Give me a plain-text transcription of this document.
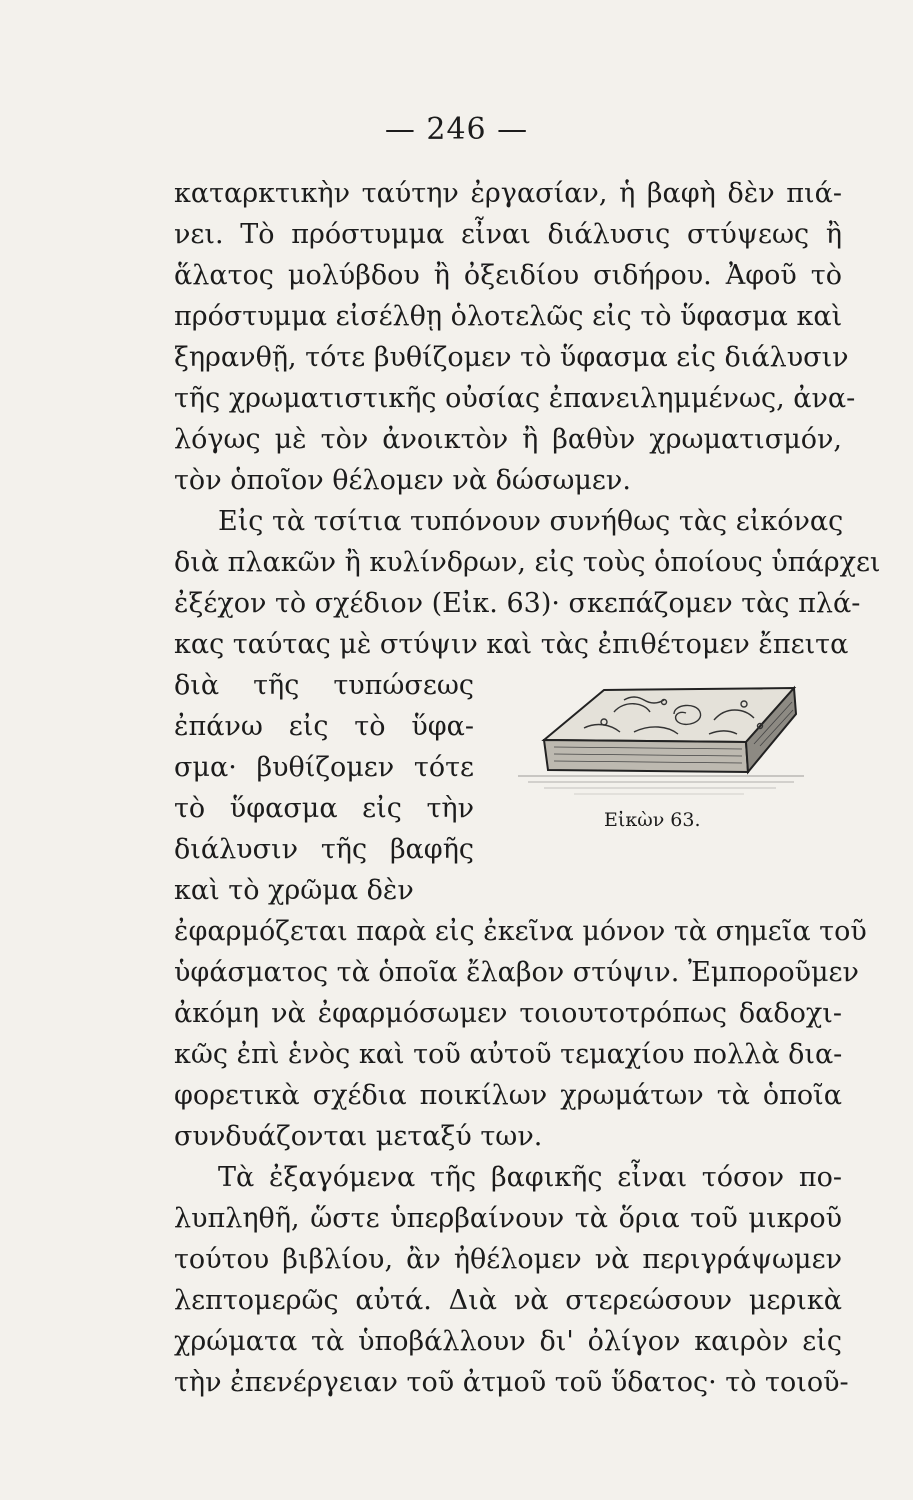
— 246 —
καταρκτικὴν ταύτην ἐργασίαν, ἡ βαφὴ δὲν πιά-
νει. Τὸ πρόστυμμα εἶναι διάλυσις στύψεως ἢ
ἅλατος μολύβδου ἢ ὀξειδίου σιδήρου. Ἀφοῦ τὸ
πρόστυμμα εἰσέλθῃ ὁλοτελῶς εἰς τὸ ὕφασμα καὶ
ξηρανθῇ, τότε βυθίζομεν τὸ ὕφασμα εἰς διάλυσιν
τῆς χρωματιστικῆς οὐσίας ἐπανειλημμένως, ἀνα-
λόγως μὲ τὸν ἀνοικτὸν ἢ βαθὺν χρωματισμόν,
τὸν ὁποῖον θέλομεν νὰ δώσωμεν.
Εἰς τὰ τσίτια τυπόνουν συνήθως τὰς εἰκόνας
διὰ πλακῶν ἢ κυλίνδρων, εἰς τοὺς ὁποίους ὑπάρχει
ἐξέχον τὸ σχέδιον (Εἰκ. 63)· σκεπάζομεν τὰς πλά-
κας ταύτας μὲ στύψιν καὶ τὰς ἐπιθέτομεν ἔπειτα
διὰ τῆς τυπώσεως
ἐπάνω εἰς τὸ ὕφα-
σμα· βυθίζομεν τότε
τὸ ὕφασμα εἰς τὴν
διάλυσιν τῆς βαφῆς
καὶ τὸ χρῶμα δὲν
ἐφαρμόζεται παρὰ εἰς ἐκεῖνα μόνον τὰ σημεῖα τοῦ
ὑφάσματος τὰ ὁποῖα ἔλαβον στύψιν. Ἐμποροῦμεν
ἀκόμη νὰ ἐφαρμόσωμεν τοιουτοτρόπως δαδοχι-
κῶς ἐπὶ ἑνὸς καὶ τοῦ αὐτοῦ τεμαχίου πολλὰ δια-
φορετικὰ σχέδια ποικίλων χρωμάτων τὰ ὁποῖα
συνδυάζονται μεταξύ των.
Τὰ ἐξαγόμενα τῆς βαφικῆς εἶναι τόσον πο-
λυπληθῆ, ὥστε ὑπερβαίνουν τὰ ὅρια τοῦ μικροῦ
τούτου βιβλίου, ἂν ἠθέλομεν νὰ περιγράψωμεν
λεπτομερῶς αὐτά. Διὰ νὰ στερεώσουν μερικὰ
χρώματα τὰ ὑποβάλλουν δι' ὀλίγον καιρὸν εἰς
τὴν ἐπενέργειαν τοῦ ἀτμοῦ τοῦ ὕδατος· τὸ τοιοῦ-
Εἰκὼν 63.
